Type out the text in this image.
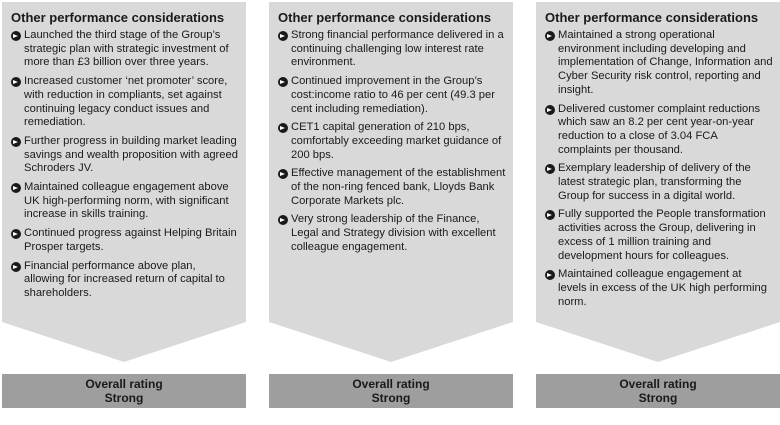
Other performance considerations
Launched the third stage of the Group’s strategic plan with strategic investment of more than £3 billion over three years.
Increased customer ‘net promoter’ score, with reduction in compliants, set against continuing legacy conduct issues and remediation.
Further progress in building market leading savings and wealth proposition with agreed Schroders JV.
Maintained colleague engagement above UK high-performing norm, with significant increase in skills training.
Continued progress against Helping Britain Prosper targets.
Financial performance above plan, allowing for increased return of capital to shareholders.
Overall rating
Strong
Other performance considerations
Strong financial performance delivered in a continuing challenging low interest rate environment.
Continued improvement in the Group’s cost:income ratio to 46 per cent (49.3 per cent including remediation).
CET1 capital generation of 210 bps, comfortably exceeding market guidance of 200 bps.
Effective management of the establishment of the non-ring fenced bank, Lloyds Bank Corporate Markets plc.
Very strong leadership of the Finance, Legal and Strategy division with excellent colleague engagement.
Overall rating
Strong
Other performance considerations
Maintained a strong operational environment including developing and implementation of Change, Information and Cyber Security risk control, reporting and insight.
Delivered customer complaint reductions which saw an 8.2 per cent year-on-year reduction to a close of 3.04 FCA complaints per thousand.
Exemplary leadership of delivery of the latest strategic plan, transforming the Group for success in a digital world.
Fully supported the People transformation activities across the Group, delivering in excess of 1 million training and development hours for colleagues.
Maintained colleague engagement at levels in excess of the UK high performing norm.
Overall rating
Strong
